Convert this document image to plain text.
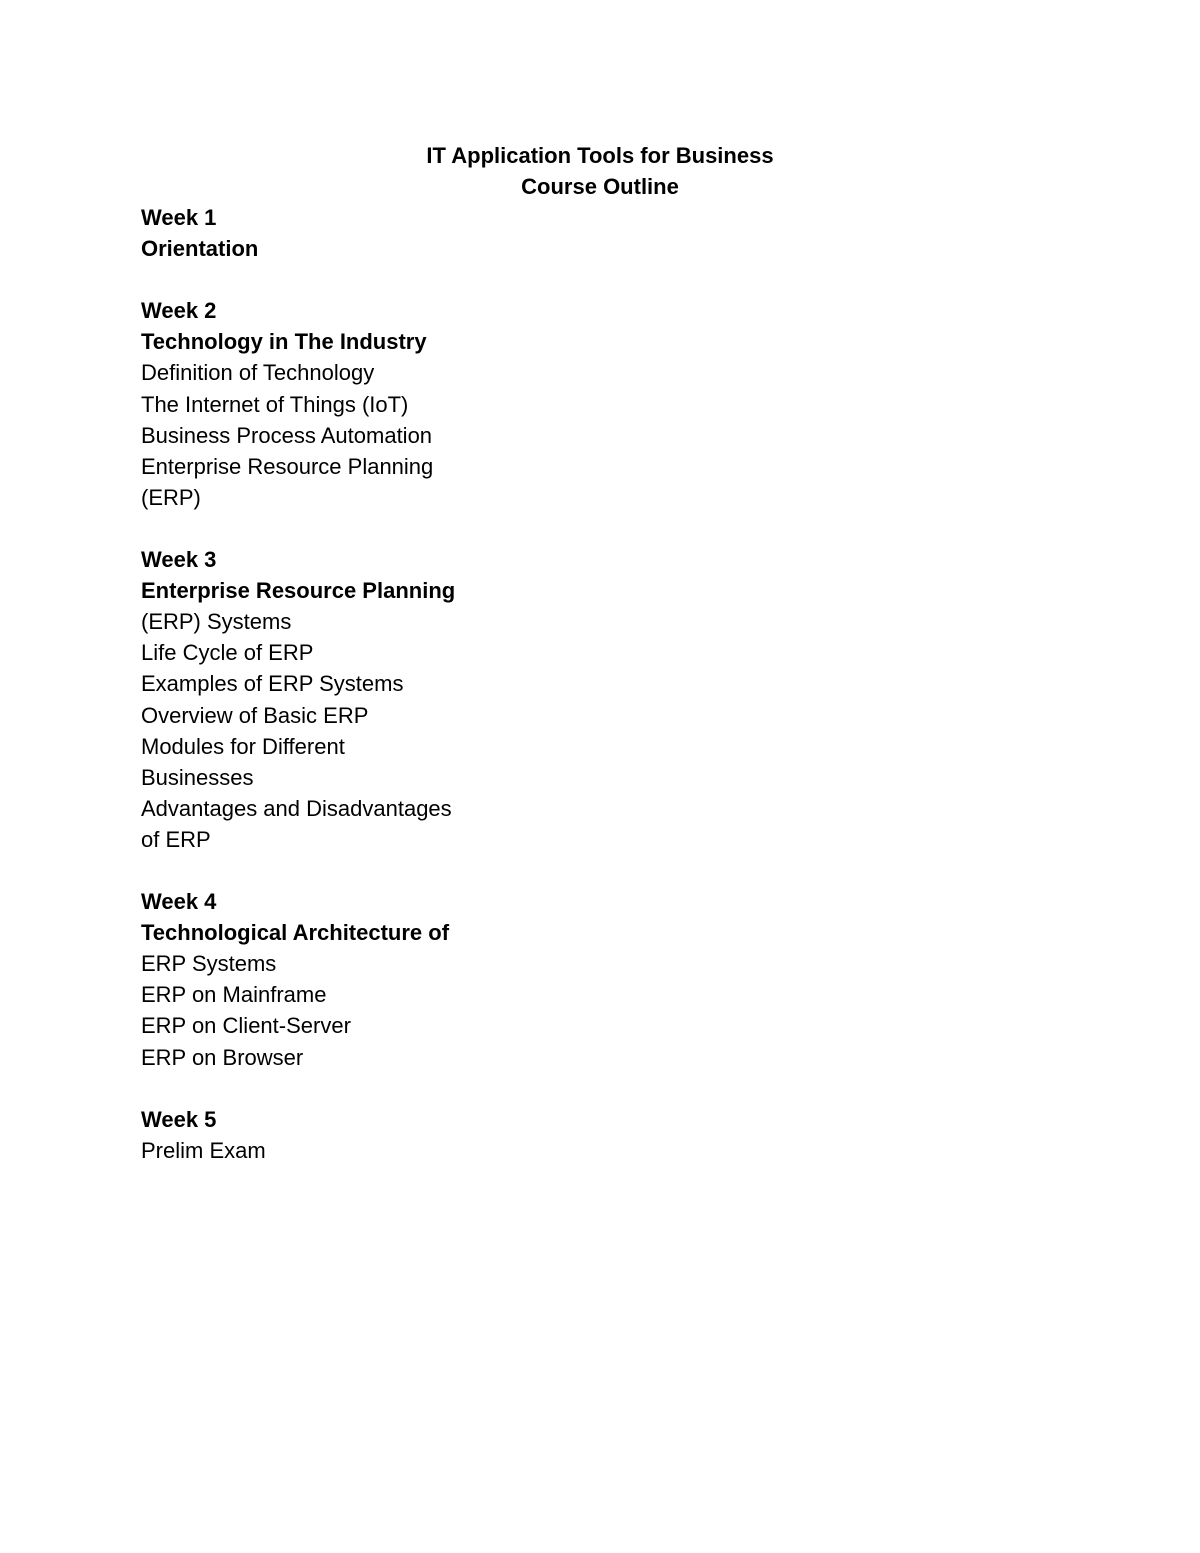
IT Application Tools for Business
Course Outline
Week 1
Orientation
Week 2
Technology in The Industry
Definition of Technology
The Internet of Things (IoT)
Business Process Automation
Enterprise Resource Planning
(ERP)
Week 3
Enterprise Resource Planning
(ERP) Systems
Life Cycle of ERP
Examples of ERP Systems
Overview of Basic ERP
Modules for Different
Businesses
Advantages and Disadvantages
of ERP
Week 4
Technological Architecture of
ERP Systems
ERP on Mainframe
ERP on Client-Server
ERP on Browser
Week 5
Prelim Exam
